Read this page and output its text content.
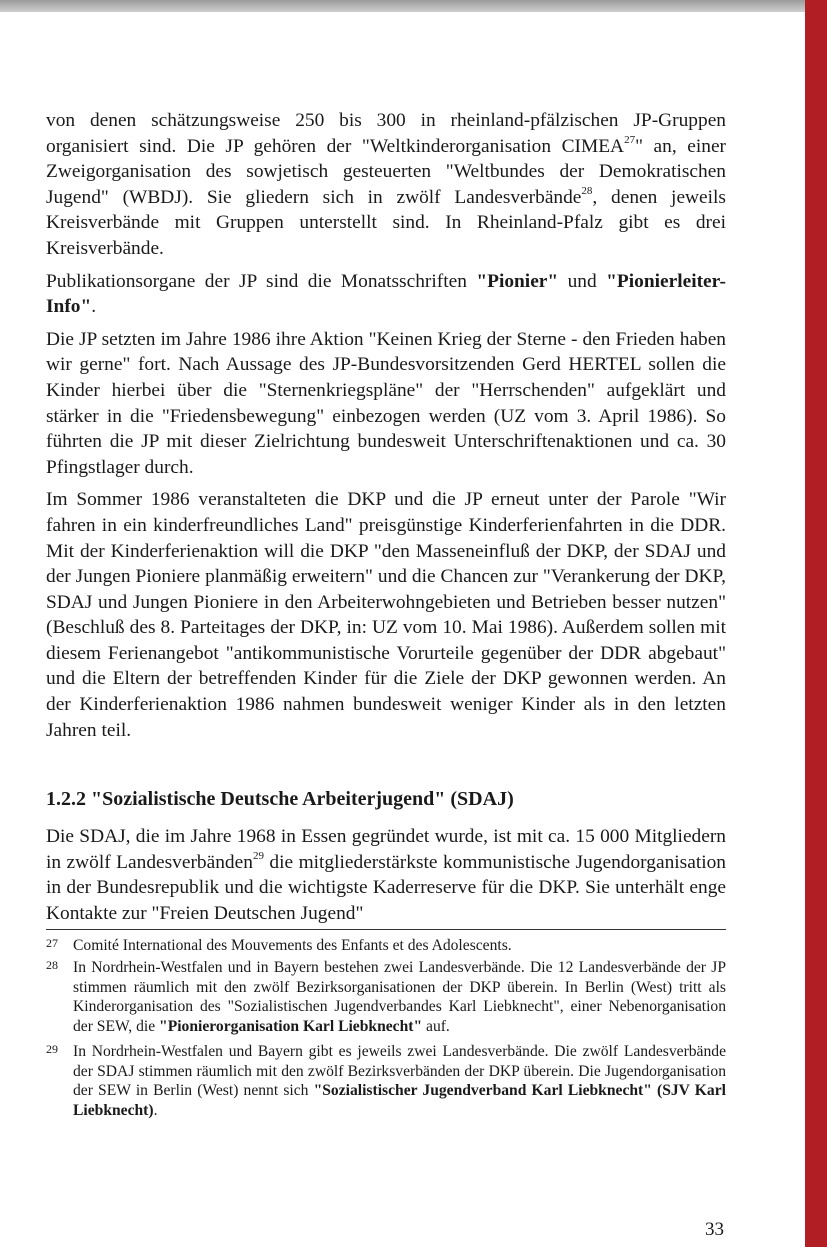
von denen schätzungsweise 250 bis 300 in rheinland-pfälzischen JP-Gruppen organisiert sind. Die JP gehören der "Weltkinderorganisation CIMEA$^{27}$" an, einer Zweigorganisation des sowjetisch gesteuerten "Weltbundes der Demokratischen Jugend" (WBDJ). Sie gliedern sich in zwölf Landesverbände$^{28}$, denen jeweils Kreisverbände mit Gruppen unterstellt sind. In Rheinland-Pfalz gibt es drei Kreisverbände.

Publikationsorgane der JP sind die Monatsschriften "Pionier" und "Pionierleiter-Info".

Die JP setzten im Jahre 1986 ihre Aktion "Keinen Krieg der Sterne - den Frieden haben wir gerne" fort. Nach Aussage des JP-Bundesvorsitzenden Gerd HERTEL sollen die Kinder hierbei über die "Sternenkriegspläne" der "Herrschenden" aufgeklärt und stärker in die "Friedensbewegung" einbezogen werden (UZ vom 3. April 1986). So führten die JP mit dieser Zielrichtung bundesweit Unterschriftenaktionen und ca. 30 Pfingstlager durch.

Im Sommer 1986 veranstalteten die DKP und die JP erneut unter der Parole "Wir fahren in ein kinderfreundliches Land" preisgünstige Kinderferienfahrten in die DDR. Mit der Kinderferienaktion will die DKP "den Masseneinfluß der DKP, der SDAJ und der Jungen Pioniere planmäßig erweitern" und die Chancen zur "Verankerung der DKP, SDAJ und Jungen Pioniere in den Arbeiterwohngebieten und Betrieben besser nutzen" (Beschluß des 8. Parteitages der DKP, in: UZ vom 10. Mai 1986). Außerdem sollen mit diesem Ferienangebot "antikommunistische Vorurteile gegenüber der DDR abgebaut" und die Eltern der betreffenden Kinder für die Ziele der DKP gewonnen werden. An der Kinderferienaktion 1986 nahmen bundesweit weniger Kinder als in den letzten Jahren teil.

1.2.2 "Sozialistische Deutsche Arbeiterjugend" (SDAJ)

Die SDAJ, die im Jahre 1968 in Essen gegründet wurde, ist mit ca. 15 000 Mitgliedern in zwölf Landesverbänden$^{29}$ die mitgliederstärkste kommunistische Jugendorganisation in der Bundesrepublik und die wichtigste Kaderreserve für die DKP. Sie unterhält enge Kontakte zur "Freien Deutschen Jugend"

27 Comité International des Mouvements des Enfants et des Adolescents.
28 In Nordrhein-Westfalen und in Bayern bestehen zwei Landesverbände. Die 12 Landesverbände der JP stimmen räumlich mit den zwölf Bezirksorganisationen der DKP überein. In Berlin (West) tritt als Kinderorganisation des "Sozialistischen Jugendverbandes Karl Liebknecht", einer Nebenorganisation der SEW, die "Pionierorganisation Karl Liebknecht" auf.
29 In Nordrhein-Westfalen und Bayern gibt es jeweils zwei Landesverbände. Die zwölf Landesverbände der SDAJ stimmen räumlich mit den zwölf Bezirksverbänden der DKP überein. Die Jugendorganisation der SEW in Berlin (West) nennt sich "Sozialistischer Jugendverband Karl Liebknecht" (SJV Karl Liebknecht).
33
